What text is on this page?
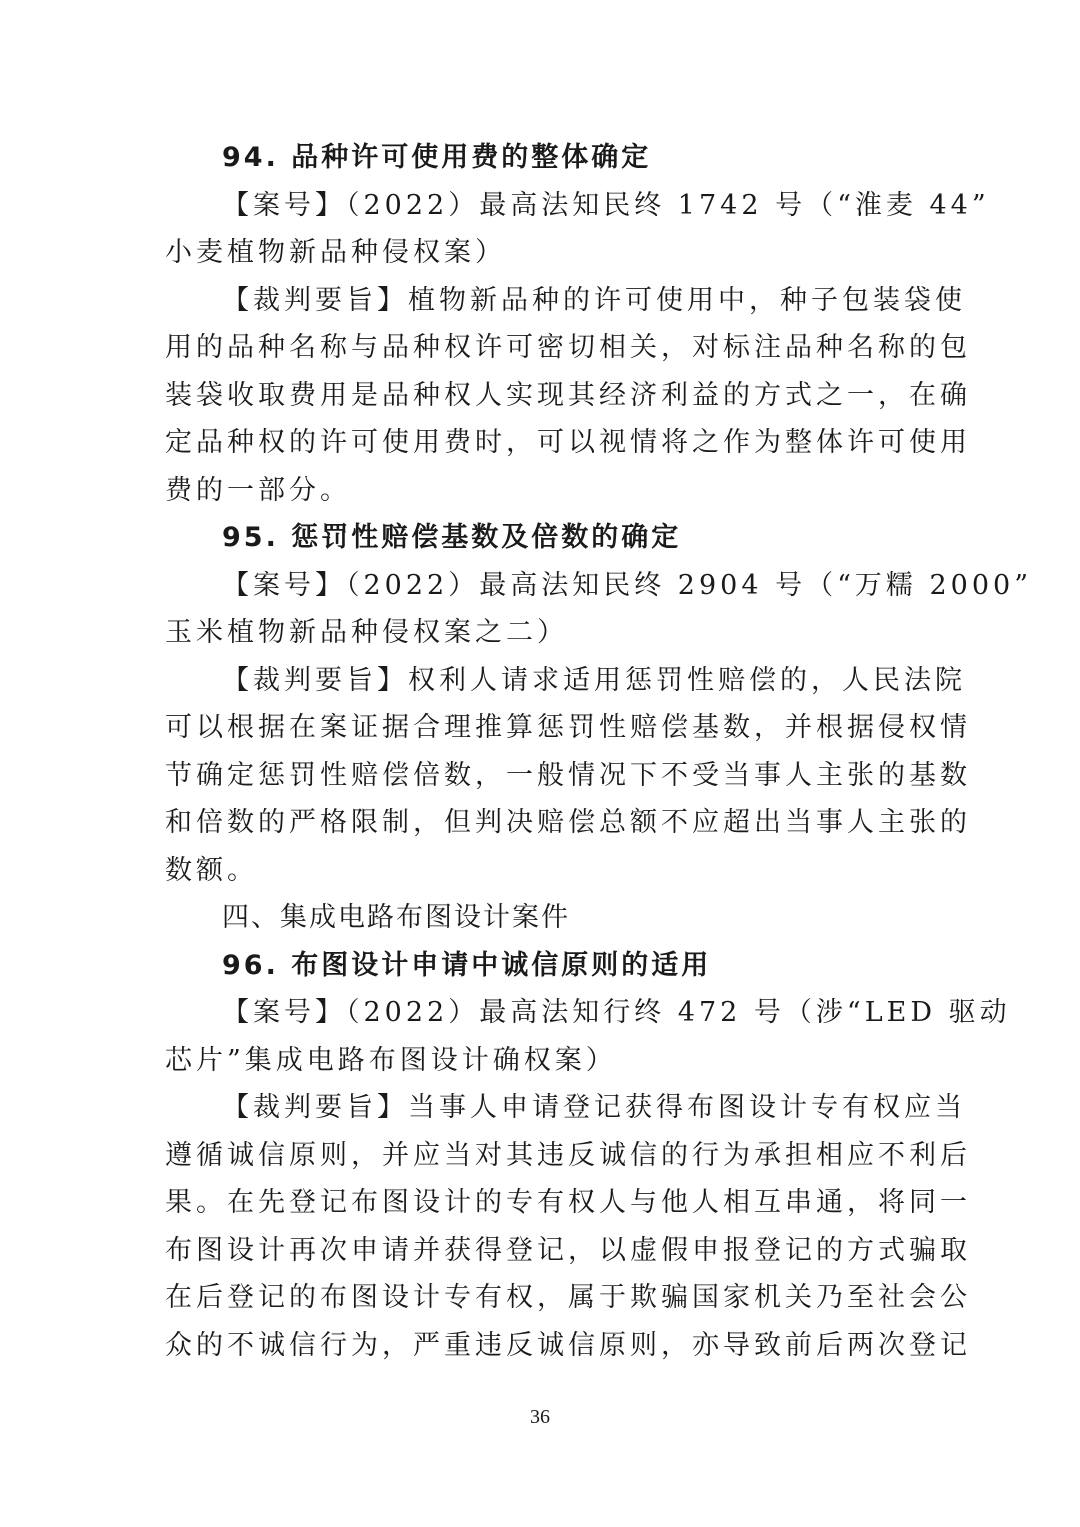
94. 品种许可使用费的整体确定
【案号】（2022）最高法知民终 1742 号（“淮麦 44”
小麦植物新品种侵权案）
【裁判要旨】植物新品种的许可使用中，种子包装袋使
用的品种名称与品种权许可密切相关，对标注品种名称的包
装袋收取费用是品种权人实现其经济利益的方式之一，在确
定品种权的许可使用费时，可以视情将之作为整体许可使用
费的一部分。
95. 惩罚性赔偿基数及倍数的确定
【案号】（2022）最高法知民终 2904 号（“万糯 2000”
玉米植物新品种侵权案之二）
【裁判要旨】权利人请求适用惩罚性赔偿的，人民法院
可以根据在案证据合理推算惩罚性赔偿基数，并根据侵权情
节确定惩罚性赔偿倍数，一般情况下不受当事人主张的基数
和倍数的严格限制，但判决赔偿总额不应超出当事人主张的
数额。
四、集成电路布图设计案件
96. 布图设计申请中诚信原则的适用
【案号】（2022）最高法知行终 472 号（涉“LED 驱动
芯片”集成电路布图设计确权案）
【裁判要旨】当事人申请登记获得布图设计专有权应当
遵循诚信原则，并应当对其违反诚信的行为承担相应不利后
果。在先登记布图设计的专有权人与他人相互串通，将同一
布图设计再次申请并获得登记，以虚假申报登记的方式骗取
在后登记的布图设计专有权，属于欺骗国家机关乃至社会公
众的不诚信行为，严重违反诚信原则，亦导致前后两次登记
36
